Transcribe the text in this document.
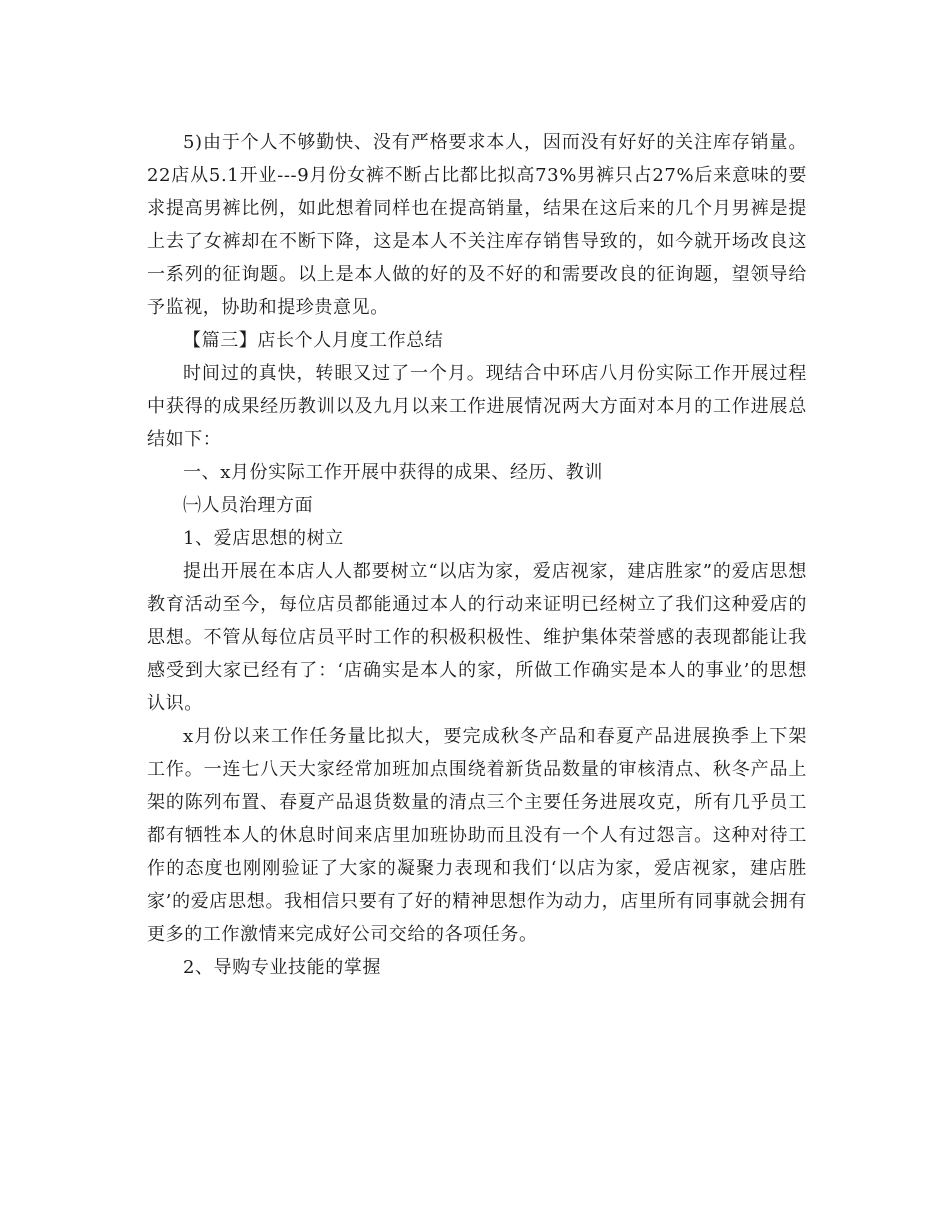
5)由于个人不够勤快、没有严格要求本人，因而没有好好的关注库存销量。22店从5.1开业---9月份女裤不断占比都比拟高73%男裤只占27%后来意味的要求提高男裤比例，如此想着同样也在提高销量，结果在这后来的几个月男裤是提上去了女裤却在不断下降，这是本人不关注库存销售导致的，如今就开场改良这一系列的征询题。以上是本人做的好的及不好的和需要改良的征询题，望领导给予监视，协助和提珍贵意见。

【篇三】店长个人月度工作总结

时间过的真快，转眼又过了一个月。现结合中环店八月份实际工作开展过程中获得的成果经历教训以及九月以来工作进展情况两大方面对本月的工作进展总结如下：

一、x月份实际工作开展中获得的成果、经历、教训

㈠人员治理方面

1、爱店思想的树立

提出开展在本店人人都要树立“以店为家，爱店视家，建店胜家”的爱店思想教育活动至今，每位店员都能通过本人的行动来证明已经树立了我们这种爱店的思想。不管从每位店员平时工作的积极积极性、维护集体荣誉感的表现都能让我感受到大家已经有了：‘店确实是本人的家，所做工作确实是本人的事业’的思想认识。

x月份以来工作任务量比拟大，要完成秋冬产品和春夏产品进展换季上下架工作。一连七八天大家经常加班加点围绕着新货品数量的审核清点、秋冬产品上架的陈列布置、春夏产品退货数量的清点三个主要任务进展攻克，所有几乎员工都有牺牲本人的休息时间来店里加班协助而且没有一个人有过怨言。这种对待工作的态度也刚刚验证了大家的凝聚力表现和我们‘以店为家，爱店视家，建店胜家’的爱店思想。我相信只要有了好的精神思想作为动力，店里所有同事就会拥有更多的工作激情来完成好公司交给的各项任务。

2、导购专业技能的掌握
